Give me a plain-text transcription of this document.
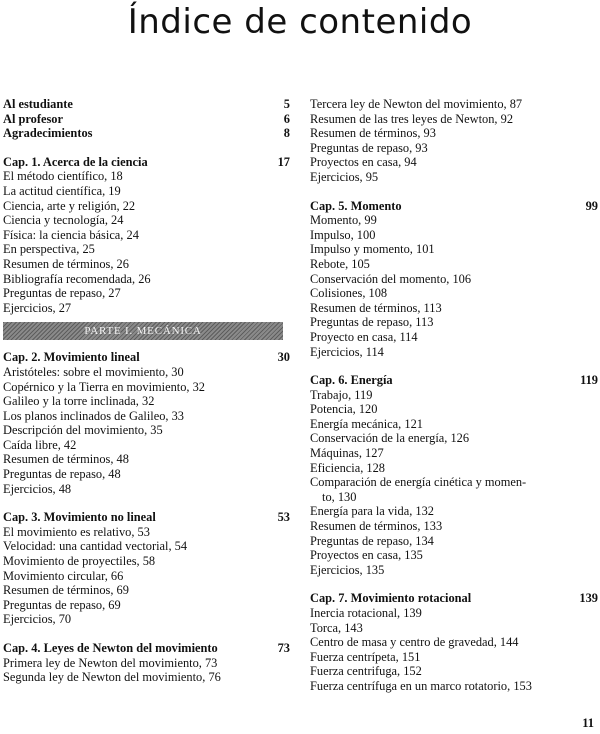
Índice de contenido
Al estudiante	5
Al profesor	6
Agradecimientos	8
Cap. 1. Acerca de la ciencia	17
El método científico, 18
La actitud científica, 19
Ciencia, arte y religión, 22
Ciencia y tecnología, 24
Física: la ciencia básica, 24
En perspectiva, 25
Resumen de términos, 26
Bibliografía recomendada, 26
Preguntas de repaso, 27
Ejercicios, 27
PARTE I. MECÁNICA
Cap. 2. Movimiento lineal	30
Aristóteles: sobre el movimiento, 30
Copérnico y la Tierra en movimiento, 32
Galileo y la torre inclinada, 32
Los planos inclinados de Galileo, 33
Descripción del movimiento, 35
Caída libre, 42
Resumen de términos, 48
Preguntas de repaso, 48
Ejercicios, 48
Cap. 3. Movimiento no lineal	53
El movimiento es relativo, 53
Velocidad: una cantidad vectorial, 54
Movimiento de proyectiles, 58
Movimiento circular, 66
Resumen de términos, 69
Preguntas de repaso, 69
Ejercicios, 70
Cap. 4. Leyes de Newton del movimiento	73
Primera ley de Newton del movimiento, 73
Segunda ley de Newton del movimiento, 76
Tercera ley de Newton del movimiento, 87
Resumen de las tres leyes de Newton, 92
Resumen de términos, 93
Preguntas de repaso, 93
Proyectos en casa, 94
Ejercicios, 95
Cap. 5. Momento	99
Momento, 99
Impulso, 100
Impulso y momento, 101
Rebote, 105
Conservación del momento, 106
Colisiones, 108
Resumen de términos, 113
Preguntas de repaso, 113
Proyecto en casa, 114
Ejercicios, 114
Cap. 6. Energía	119
Trabajo, 119
Potencia, 120
Energía mecánica, 121
Conservación de la energía, 126
Máquinas, 127
Eficiencia, 128
Comparación de energía cinética y momen-
to, 130
Energía para la vida, 132
Resumen de términos, 133
Preguntas de repaso, 134
Proyectos en casa, 135
Ejercicios, 135
Cap. 7. Movimiento rotacional	139
Inercia rotacional, 139
Torca, 143
Centro de masa y centro de gravedad, 144
Fuerza centrípeta, 151
Fuerza centrifuga, 152
Fuerza centrífuga en un marco rotatorio, 153
11
